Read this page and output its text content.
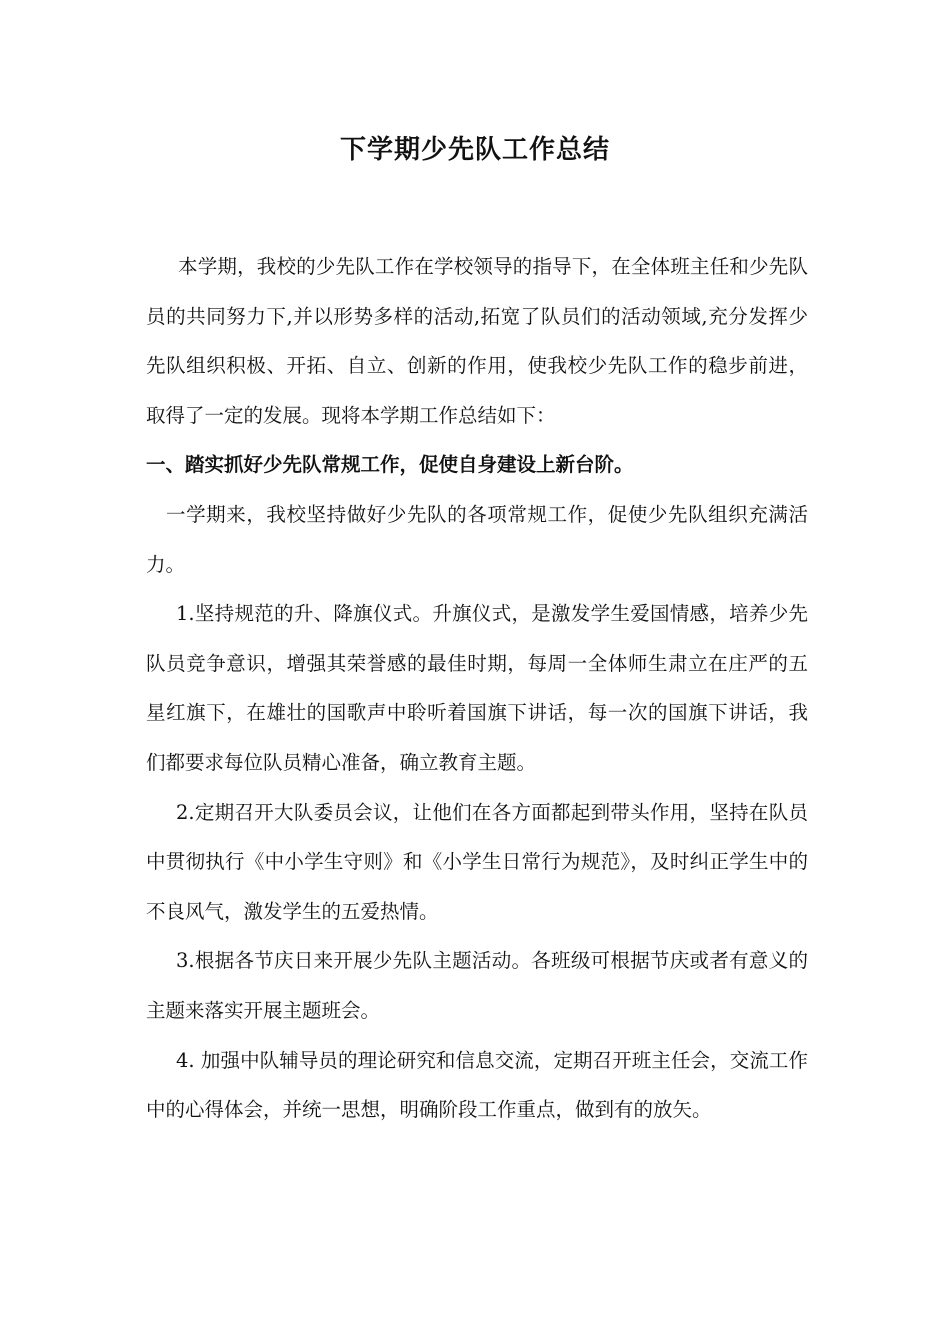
下学期少先队工作总结

本学期，我校的少先队工作在学校领导的指导下，在全体班主任和少先队员的共同努力下,并以形势多样的活动,拓宽了队员们的活动领域,充分发挥少先队组织积极、开拓、自立、创新的作用，使我校少先队工作的稳步前进，取得了一定的发展。现将本学期工作总结如下：

一、踏实抓好少先队常规工作，促使自身建设上新台阶。

一学期来，我校坚持做好少先队的各项常规工作，促使少先队组织充满活力。

1.坚持规范的升、降旗仪式。升旗仪式，是激发学生爱国情感，培养少先队员竞争意识，增强其荣誉感的最佳时期，每周一全体师生肃立在庄严的五星红旗下，在雄壮的国歌声中聆听着国旗下讲话，每一次的国旗下讲话，我们都要求每位队员精心准备，确立教育主题。

2.定期召开大队委员会议，让他们在各方面都起到带头作用，坚持在队员中贯彻执行《中小学生守则》和《小学生日常行为规范》，及时纠正学生中的不良风气，激发学生的五爱热情。

3.根据各节庆日来开展少先队主题活动。各班级可根据节庆或者有意义的主题来落实开展主题班会。

4. 加强中队辅导员的理论研究和信息交流，定期召开班主任会，交流工作中的心得体会，并统一思想，明确阶段工作重点，做到有的放矢。
